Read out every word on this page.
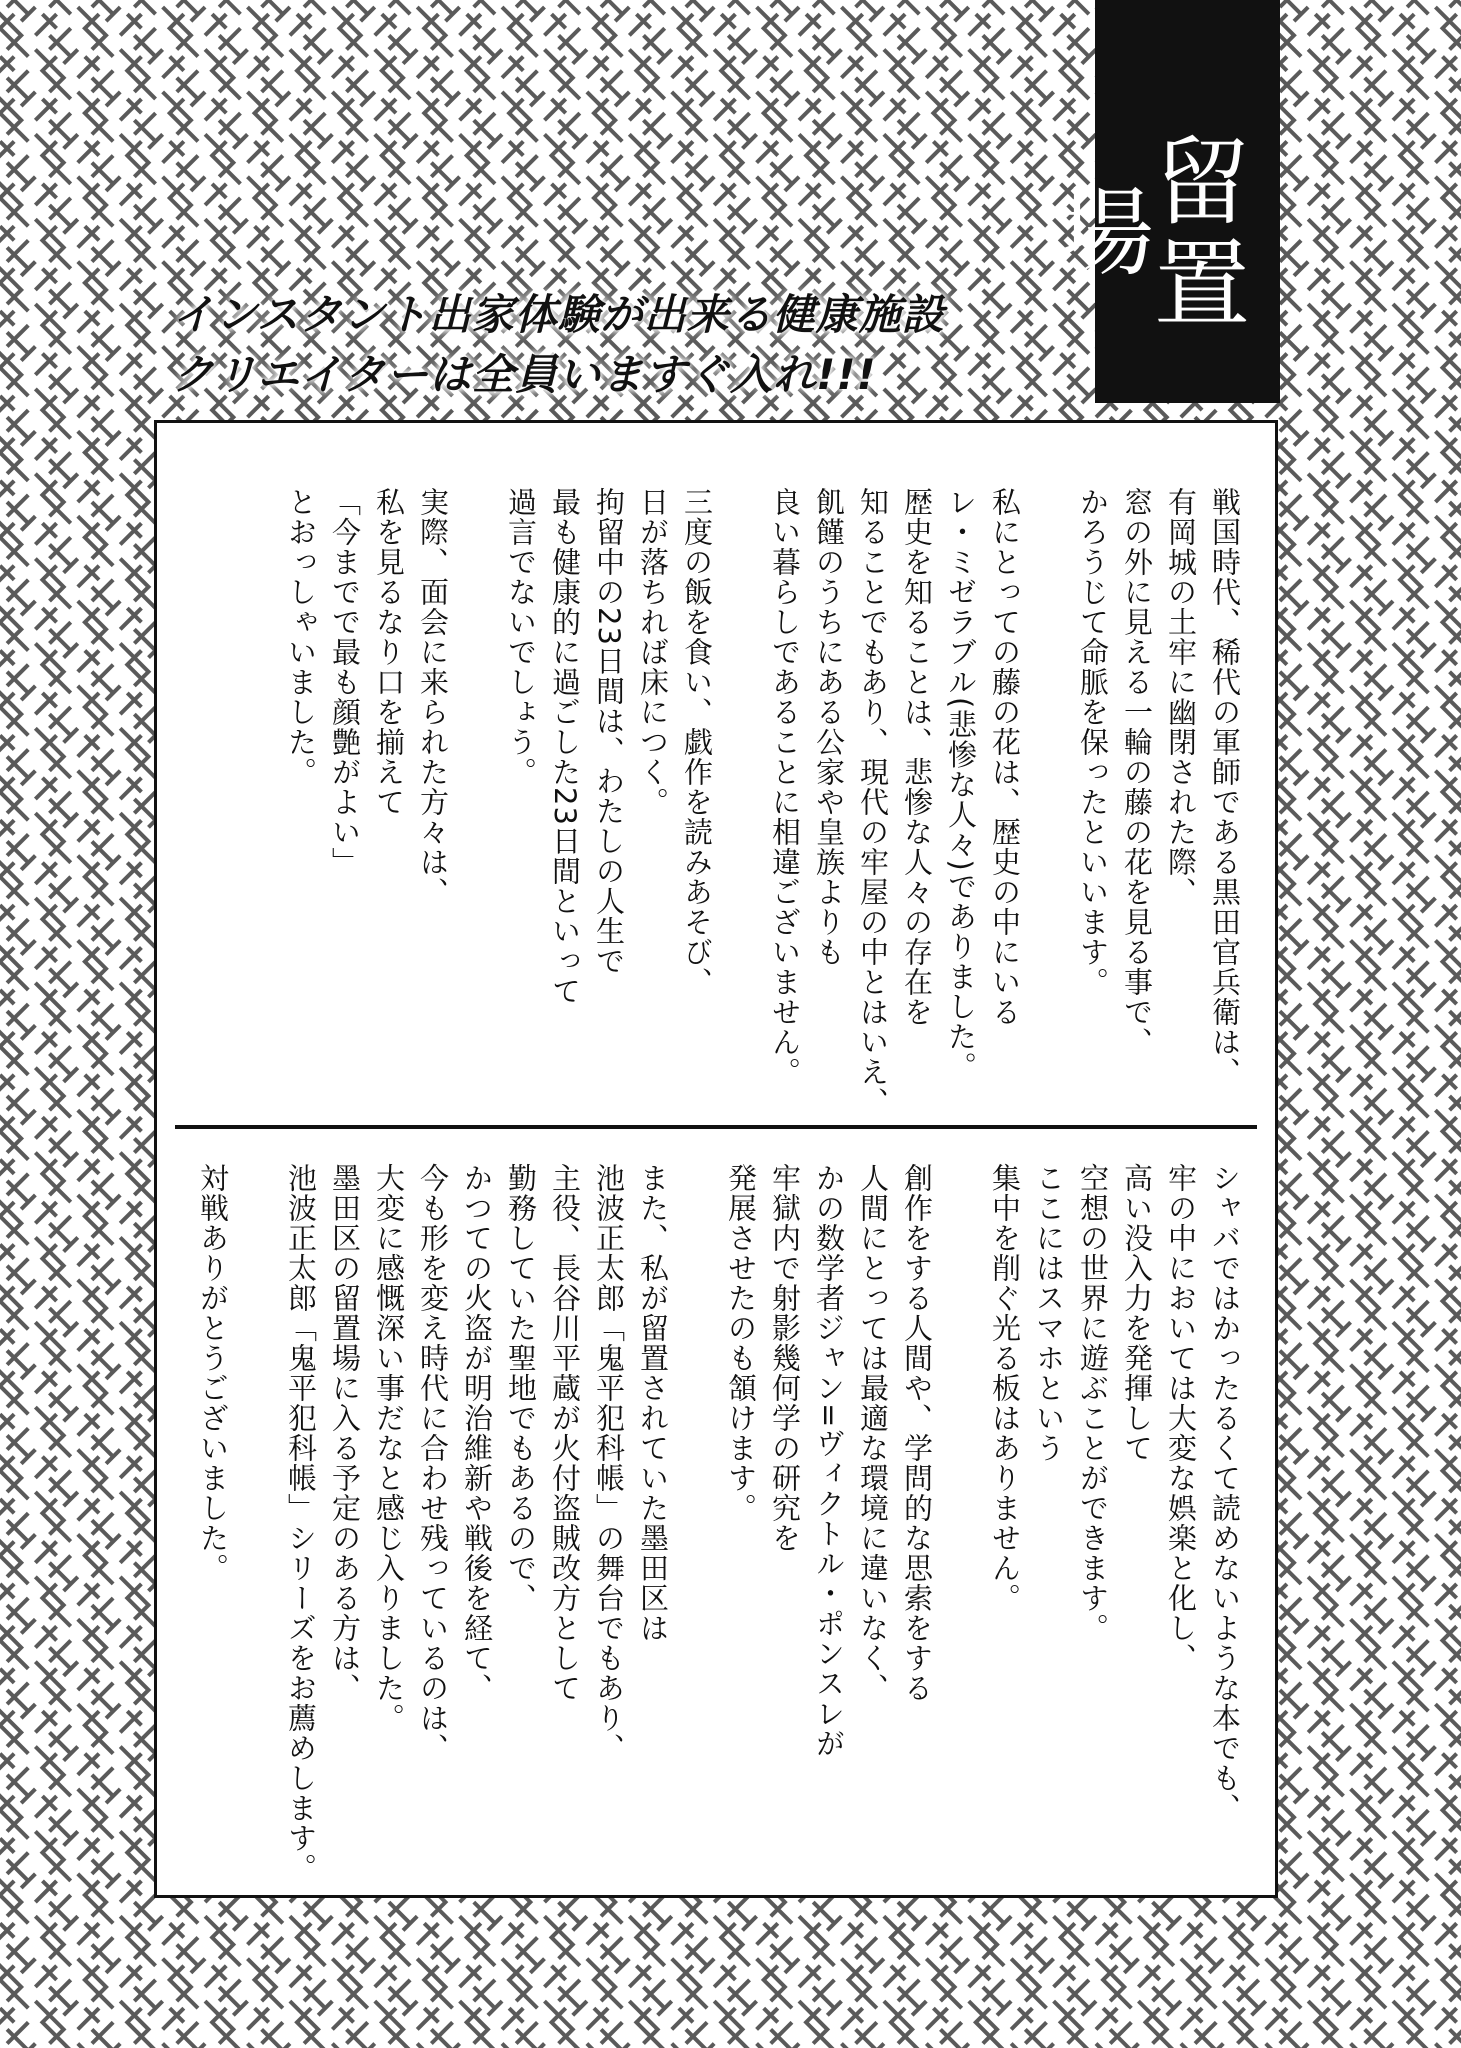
留置場
インスタント出家体験が出来る健康施設
クリエイターは全員いますぐ入れ!!!

戦国時代、稀代の軍師である黒田官兵衛は、
有岡城の土牢に幽閉された際、
窓の外に見える一輪の藤の花を見る事で、
かろうじて命脈を保ったといいます。

私にとっての藤の花は、歴史の中にいる
レ・ミゼラブル(悲惨な人々)でありました。
歴史を知ることは、悲惨な人々の存在を
知ることでもあり、現代の牢屋の中とはいえ、
飢饉のうちにある公家や皇族よりも
良い暮らしであることに相違ございません。

三度の飯を食い、戯作を読みあそび、
日が落ちれば床につく。
拘留中の23日間は、わたしの人生で
最も健康的に過ごした23日間といって
過言でないでしょう。

実際、面会に来られた方々は、
私を見るなり口を揃えて
「今までで最も顔艶がよい」
とおっしゃいました。

シャバではかったるくて読めないような本でも、
牢の中においては大変な娯楽と化し、
高い没入力を発揮して
空想の世界に遊ぶことができます。
ここにはスマホという
集中を削ぐ光る板はありません。

創作をする人間や、学問的な思索をする
人間にとっては最適な環境に違いなく、
かの数学者ジャン=ヴィクトル・ポンスレが
牢獄内で射影幾何学の研究を
発展させたのも頷けます。

また、私が留置されていた墨田区は
池波正太郎「鬼平犯科帳」の舞台でもあり、
主役、長谷川平蔵が火付盗賊改方として
勤務していた聖地でもあるので、
かつての火盗が明治維新や戦後を経て、
今も形を変え時代に合わせ残っているのは、
大変に感慨深い事だなと感じ入りました。
墨田区の留置場に入る予定のある方は、
池波正太郎「鬼平犯科帳」シリーズをお薦めします。

対戦ありがとうございました。
